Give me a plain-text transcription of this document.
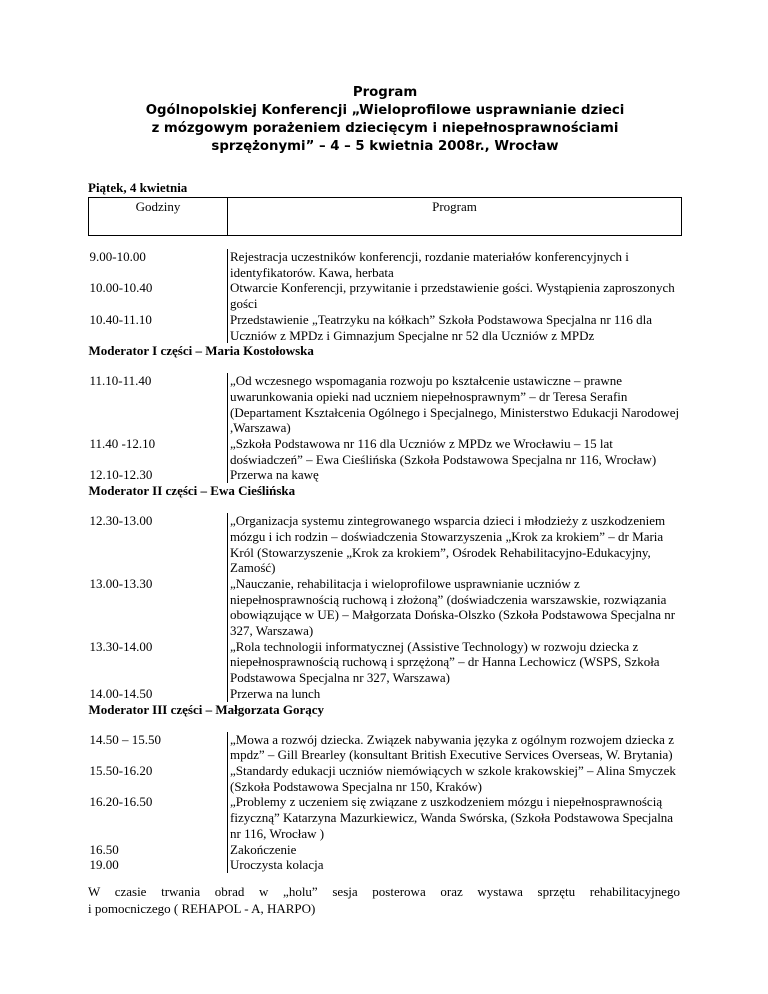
Program
Ogólnopolskiej Konferencji „Wieloprofilowe usprawnianie dzieci
z mózgowym porażeniem dziecięcym i niepełnosprawnościami
sprzężonymi” – 4 – 5 kwietnia 2008r., Wrocław
Piątek, 4 kwietnia
Godziny	Program

9.00-10.00	Rejestracja uczestników konferencji, rozdanie materiałów konferencyjnych i identyfikatorów. Kawa, herbata
10.00-10.40	Otwarcie Konferencji, przywitanie i przedstawienie gości. Wystąpienia zaproszonych gości
10.40-11.10	Przedstawienie „Teatrzyku na kółkach” Szkoła Podstawowa Specjalna nr 116 dla Uczniów z MPDz i Gimnazjum Specjalne nr 52 dla Uczniów z MPDz
Moderator I części – Maria Kostołowska	

11.10-11.40	„Od wczesnego wspomagania rozwoju po kształcenie ustawiczne – prawne uwarunkowania opieki nad uczniem niepełnosprawnym” – dr Teresa Serafin (Departament Kształcenia Ogólnego i Specjalnego, Ministerstwo Edukacji Narodowej ,Warszawa)
11.40 -12.10	„Szkoła Podstawowa nr 116 dla Uczniów z MPDz we Wrocławiu – 15 lat doświadczeń” – Ewa Cieślińska (Szkoła Podstawowa Specjalna nr 116, Wrocław)
12.10-12.30	Przerwa na kawę
Moderator II części – Ewa Cieślińska	

12.30-13.00	„Organizacja systemu zintegrowanego wsparcia dzieci i młodzieży z uszkodzeniem mózgu i ich rodzin – doświadczenia Stowarzyszenia „Krok za krokiem” – dr Maria Król (Stowarzyszenie „Krok za krokiem”, Ośrodek Rehabilitacyjno-Edukacyjny, Zamość)
13.00-13.30	„Nauczanie, rehabilitacja i wieloprofilowe usprawnianie uczniów z niepełnosprawnością ruchową i złożoną” (doświadczenia warszawskie, rozwiązania obowiązujące w UE) – Małgorzata Dońska-Olszko (Szkoła Podstawowa Specjalna nr 327, Warszawa)
13.30-14.00	„Rola technologii informatycznej (Assistive Technology) w rozwoju dziecka z niepełnosprawnością ruchową i sprzężoną” – dr Hanna Lechowicz (WSPS, Szkoła Podstawowa Specjalna nr 327, Warszawa)
14.00-14.50	Przerwa na lunch
Moderator III części – Małgorzata Gorący	

14.50 – 15.50	„Mowa a rozwój dziecka. Związek nabywania języka z ogólnym rozwojem dziecka z mpdz” – Gill Brearley (konsultant British Executive Services Overseas, W. Brytania)
15.50-16.20	„Standardy edukacji uczniów niemówiących w szkole krakowskiej” – Alina Smyczek (Szkoła Podstawowa Specjalna nr 150, Kraków)
16.20-16.50	„Problemy z uczeniem się związane z uszkodzeniem mózgu i niepełnosprawnością fizyczną” Katarzyna Mazurkiewicz, Wanda Swórska, (Szkoła Podstawowa Specjalna nr 116, Wrocław )
16.50	Zakończenie
19.00	Uroczysta kolacja
W czasie trwania obrad w „holu” sesja posterowa oraz wystawa sprzętu rehabilitacyjnego
i pomocniczego ( REHAPOL - A, HARPO)
